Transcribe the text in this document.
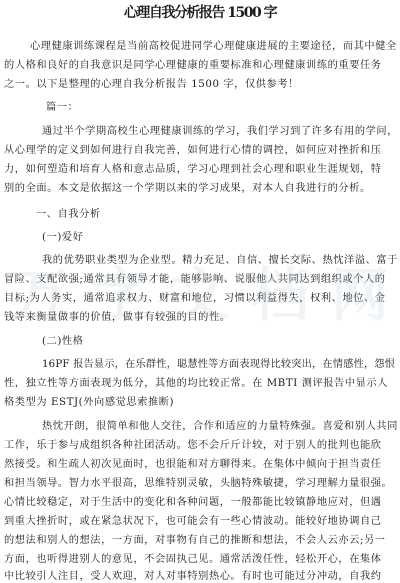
心理自我分析报告 1500 字
心理健康训练课程是当前高校促进同学心理健康进展的主要途径，而其中健全
的人格和良好的自我意识是同学心理健康的重要标准和心理健康训练的重要任务
之一。以下是整理的心理自我分析报告 1500 字，仅供参考！
篇一：
通过半个学期高校生心理健康训练的学习，我们学习到了许多有用的学问，
从心理学的定义到如何进行自我完善，如何进行心情的调控，如何应对挫折和压
力，如何塑造和培育人格和意志品质，学习心理到社会心理和职业生涯规划，特
别的全面。本文是依据这一个学期以来的学习成果，对本人自我进行的分析。
一、自我分析
(一)爱好
我的优势职业类型为企业型。精力充足、自信、擅长交际、热忱洋溢、富于
冒险、支配欲强;通常具有领导才能，能够影响、说服他人共同达到组织或个人的
目标;为人务实，通常追求权力、财富和地位，习惯以利益得失，权利、地位、金
钱等来衡量做事的价值，做事有较强的目的性。
(二)性格
16PF 报告显示，在乐群性，聪慧性等方面表现得比较突出，在情感性，怨恨
性，独立性等方面表现为低分，其他的均比较正常。在 MBTI 测评报告中显示人
格类型为 ESTJ(外向感觉思索推断)
热忱开朗，很简单和他人交往，合作和适应的力量特殊强。喜爱和别人共同
工作，乐于参与成组织各种社团活动。您不会斤斤计较，对于别人的批判也能欣
然接受。和生疏人初次见面时，也很能和对方聊得来。在集体中倾向于担当责任
和担当领导。智力水平很高，思维特别灵敏，头脑特殊敏捷，学习理解力量很强。
心情比较稳定，对于生活中的变化和各种问题，一般都能比较镇静地应对，但遇
到重大挫折时，或在紧急状况下，也可能会有一些心情波动。能较好地协调自己
的想法和别人的想法，一方面，对事物有自己的推断和想法，不会人云亦云;另一
方面，也听得进别人的意见，不会固执己见。通常活泼任性，轻松开心，在集体
中比较引人注目，受人欢迎，对人对事特别热心。有时也可能过分冲动，自我约
万 字 文 档 网
